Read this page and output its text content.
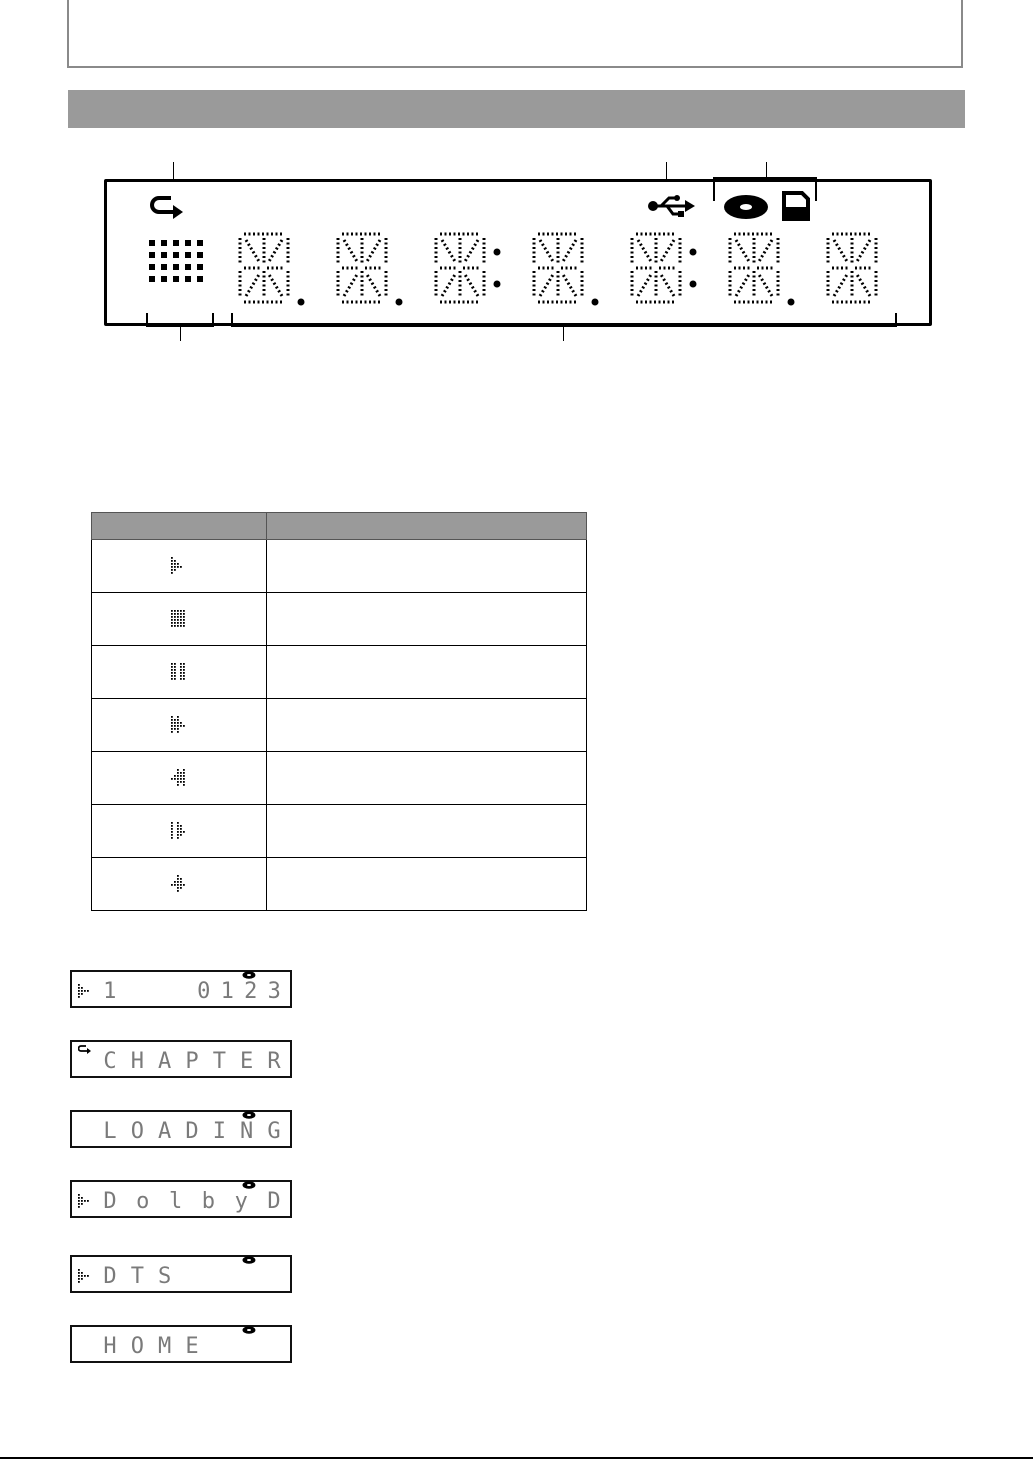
1	0 1 2 3
C H A P T E R
L O A D I N G
D o l b y D
D T S
H O M E
